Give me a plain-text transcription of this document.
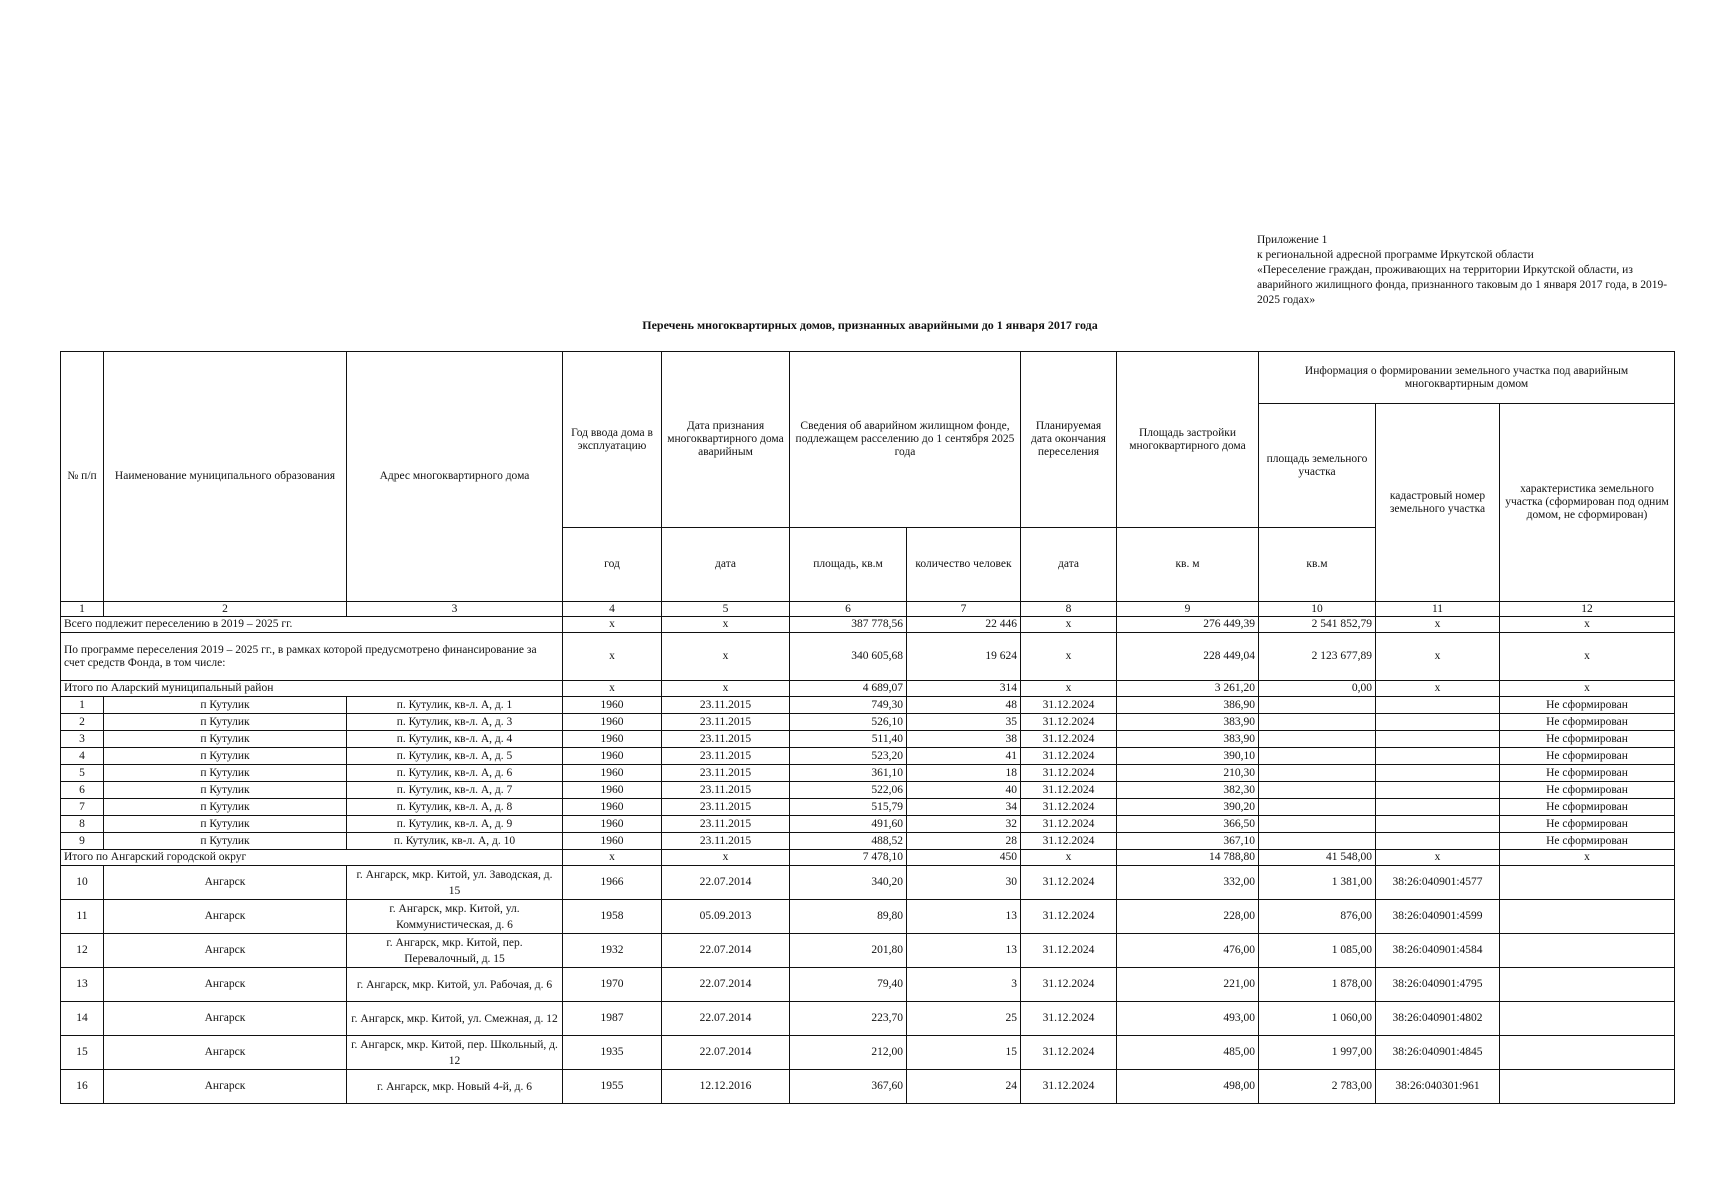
Приложение 1
к региональной адресной программе Иркутской области
«Переселение граждан, проживающих на территории Иркутской области, из аварийного жилищного фонда, признанного таковым до 1 января 2017 года, в 2019-2025 годах»
Перечень многоквартирных домов, признанных аварийными до 1 января 2017 года
№ п/п	Наименование муниципального образования	Адрес многоквартирного дома	Год ввода дома в эксплуатацию	Дата признания многоквартирного дома аварийным	Сведения об аварийном жилищном фонде, подлежащем расселению до 1 сентября 2025 года		Планируемая дата окончания переселения	Площадь застройки многоквартирного дома	Информация о формировании земельного участка под аварийным многоквартирным домом		
									площадь земельного участка	кадастровый номер земельного участка	характеристика земельного участка (сформирован под одним домом, не сформирован)
			год	дата	площадь, кв.м	количество человек	дата	кв. м	кв.м		
1	2	3	4	5	6	7	8	9	10	11	12
Всего подлежит переселению в 2019 – 2025 гг.			x	x	387 778,56	22 446	x	276 449,39	2 541 852,79	x	x
По программе переселения 2019 – 2025 гг., в рамках которой предусмотрено финансирование за счет средств Фонда, в том числе:			x	x	340 605,68	19 624	x	228 449,04	2 123 677,89	x	x
Итого по Аларский муниципальный район			x	x	4 689,07	314	x	3 261,20	0,00	x	x
1	п Кутулик	п. Кутулик, кв-л. А, д. 1	1960	23.11.2015	749,30	48	31.12.2024	386,90			Не сформирован
2	п Кутулик	п. Кутулик, кв-л. А, д. 3	1960	23.11.2015	526,10	35	31.12.2024	383,90			Не сформирован
3	п Кутулик	п. Кутулик, кв-л. А, д. 4	1960	23.11.2015	511,40	38	31.12.2024	383,90			Не сформирован
4	п Кутулик	п. Кутулик, кв-л. А, д. 5	1960	23.11.2015	523,20	41	31.12.2024	390,10			Не сформирован
5	п Кутулик	п. Кутулик, кв-л. А, д. 6	1960	23.11.2015	361,10	18	31.12.2024	210,30			Не сформирован
6	п Кутулик	п. Кутулик, кв-л. А, д. 7	1960	23.11.2015	522,06	40	31.12.2024	382,30			Не сформирован
7	п Кутулик	п. Кутулик, кв-л. А, д. 8	1960	23.11.2015	515,79	34	31.12.2024	390,20			Не сформирован
8	п Кутулик	п. Кутулик, кв-л. А, д. 9	1960	23.11.2015	491,60	32	31.12.2024	366,50			Не сформирован
9	п Кутулик	п. Кутулик, кв-л. А, д. 10	1960	23.11.2015	488,52	28	31.12.2024	367,10			Не сформирован
Итого по Ангарский городской округ			x	x	7 478,10	450	x	14 788,80	41 548,00	x	x
10	Ангарск	г. Ангарск, мкр. Китой, ул. Заводская, д. 15	1966	22.07.2014	340,20	30	31.12.2024	332,00	1 381,00	38:26:040901:4577	
11	Ангарск	г. Ангарск, мкр. Китой, ул. Коммунистическая, д. 6	1958	05.09.2013	89,80	13	31.12.2024	228,00	876,00	38:26:040901:4599	
12	Ангарск	г. Ангарск, мкр. Китой, пер. Перевалочный, д. 15	1932	22.07.2014	201,80	13	31.12.2024	476,00	1 085,00	38:26:040901:4584	
13	Ангарск	г. Ангарск, мкр. Китой, ул. Рабочая, д. 6	1970	22.07.2014	79,40	3	31.12.2024	221,00	1 878,00	38:26:040901:4795	
14	Ангарск	г. Ангарск, мкр. Китой, ул. Смежная, д. 12	1987	22.07.2014	223,70	25	31.12.2024	493,00	1 060,00	38:26:040901:4802	
15	Ангарск	г. Ангарск, мкр. Китой, пер. Школьный, д. 12	1935	22.07.2014	212,00	15	31.12.2024	485,00	1 997,00	38:26:040901:4845	
16	Ангарск	г. Ангарск, мкр. Новый 4-й, д. 6	1955	12.12.2016	367,60	24	31.12.2024	498,00	2 783,00	38:26:040301:961	
